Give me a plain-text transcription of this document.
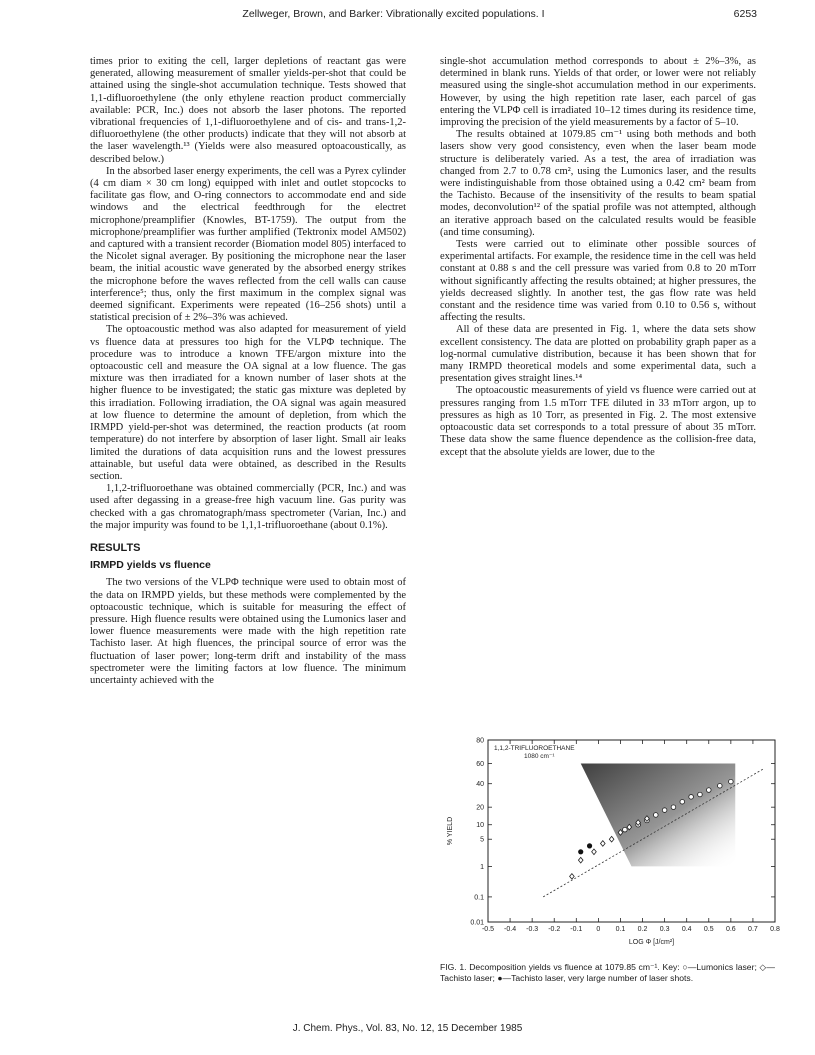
Zellweger, Brown, and Barker: Vibrationally excited populations. I	6253

times prior to exiting the cell, larger depletions of reactant gas were generated, allowing measurement of smaller yields-per-shot that could be attained using the single-shot accumulation technique. Tests showed that 1,1-difluoroethylene (the only ethylene reaction product commercially available: PCR, Inc.) does not absorb the laser photons. The reported vibrational frequencies of 1,1-difluoroethylene and of cis- and trans-1,2-difluoroethylene (the other products) indicate that they will not absorb at the laser wavelength.¹³ (Yields were also measured optoacoustically, as described below.)

In the absorbed laser energy experiments, the cell was a Pyrex cylinder (4 cm diam × 30 cm long) equipped with inlet and outlet stopcocks to facilitate gas flow, and O-ring connectors to accommodate end and side windows and the electrical feedthrough for the electret microphone/preamplifier (Knowles, BT-1759). The output from the microphone/preamplifier was further amplified (Tektronix model AM502) and captured with a transient recorder (Biomation model 805) interfaced to the Nicolet signal averager. By positioning the microphone near the laser beam, the initial acoustic wave generated by the absorbed energy strikes the microphone before the waves reflected from the cell walls can cause interference⁵; thus, only the first maximum in the complex signal was deemed significant. Experiments were repeated (16–256 shots) until a statistical precision of ± 2%–3% was achieved.

The optoacoustic method was also adapted for measurement of yield vs fluence data at pressures too high for the VLPΦ technique. The procedure was to introduce a known TFE/argon mixture into the optoacoustic cell and measure the OA signal at a low fluence. The gas mixture was then irradiated for a known number of laser shots at the higher fluence to be investigated; the static gas mixture was depleted by this irradiation. Following irradiation, the OA signal was again measured at low fluence to determine the amount of depletion, from which the IRMPD yield-per-shot was determined, the reaction products (at room temperature) do not interfere by absorption of laser light. Small air leaks limited the durations of data acquisition runs and the lowest pressures attainable, but useful data were obtained, as described in the Results section.

1,1,2-trifluoroethane was obtained commercially (PCR, Inc.) and was used after degassing in a grease-free high vacuum line. Gas purity was checked with a gas chromatograph/mass spectrometer (Varian, Inc.) and the major impurity was found to be 1,1,1-trifluoroethane (about 0.1%).

RESULTS
IRMPD yields vs fluence

The two versions of the VLPΦ technique were used to obtain most of the data on IRMPD yields, but these methods were complemented by the optoacoustic technique, which is suitable for measuring the effect of pressure. High fluence results were obtained using the Lumonics laser and lower fluence measurements were made with the high repetition rate Tachisto laser. At high fluences, the principal source of error was the fluctuation of laser power; long-term drift and instability of the mass spectrometer were the limiting factors at low fluence. The minimum uncertainty achieved with the

single-shot accumulation method corresponds to about ± 2%–3%, as determined in blank runs. Yields of that order, or lower were not reliably measured using the single-shot accumulation method in our experiments. However, by using the high repetition rate laser, each parcel of gas entering the VLPΦ cell is irradiated 10–12 times during its residence time, improving the precision of the yield measurements by a factor of 5–10.

The results obtained at 1079.85 cm⁻¹ using both methods and both lasers show very good consistency, even when the laser beam mode structure is deliberately varied. As a test, the area of irradiation was changed from 2.7 to 0.78 cm², using the Lumonics laser, and the results were indistinguishable from those obtained using a 0.42 cm² beam from the Tachisto. Because of the insensitivity of the results to beam spatial modes, deconvolution¹² of the spatial profile was not attempted, although an iterative approach based on the calculated results would be feasible (and time consuming).

Tests were carried out to eliminate other possible sources of experimental artifacts. For example, the residence time in the cell was held constant at 0.88 s and the cell pressure was varied from 0.8 to 20 mTorr without significantly affecting the results obtained; at higher pressures, the yields decreased slightly. In another test, the gas flow rate was held constant and the residence time was varied from 0.10 to 0.56 s, without affecting the results.

All of these data are presented in Fig. 1, where the data sets show excellent consistency. The data are plotted on probability graph paper as a log-normal cumulative distribution, because it has been shown that for many IRMPD theoretical models and some experimental data, such a presentation gives straight lines.¹⁴

The optoacoustic measurements of yield vs fluence were carried out at pressures ranging from 1.5 mTorr TFE diluted in 33 mTorr argon, up to pressures as high as 10 Torr, as presented in Fig. 2. The most extensive optoacoustic data set corresponds to a total pressure of about 35 mTorr. These data show the same fluence dependence as the collision-free data, except that the absolute yields are lower, due to the

-0.5 -0.4 -0.3 -0.2 -0.1 0 0.1 0.2 0.3 0.4 0.5 0.6 0.7 0.8
0.01
0.1
1
5
10
20
40
60
80
1,1,2-TRIFLUOROETHANE
1080 cm⁻¹
LOG Φ [J/cm²]
% YIELD
FIG. 1. Decomposition yields vs fluence at 1079.85 cm⁻¹. Key: ○—Lumonics laser; ◇—Tachisto laser; ●—Tachisto laser, very large number of laser shots.
J. Chem. Phys., Vol. 83, No. 12, 15 December 1985
